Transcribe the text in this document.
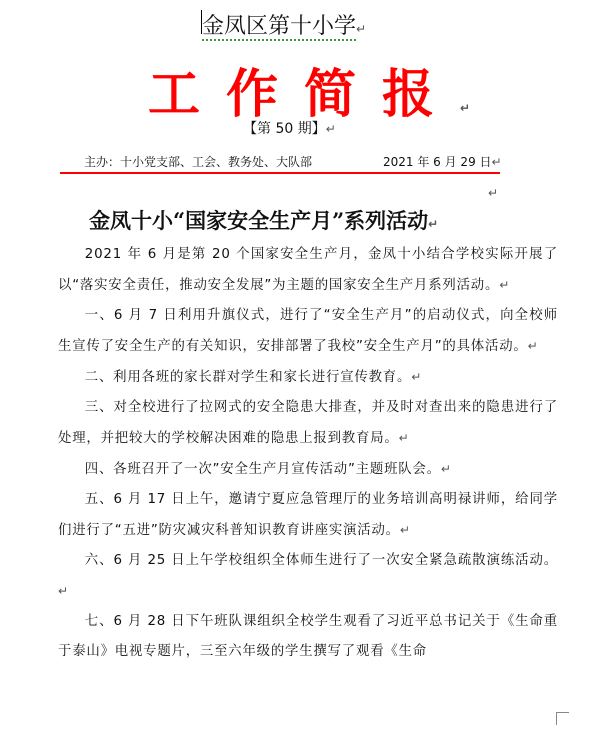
金凤区第十小学↵
工作简报↵
【第 50 期】↵
主办：十小党支部、工会、教务处、大队部	2021 年 6 月 29 日↵
↵
金凤十小“国家安全生产月”系列活动↵

2021 年 6 月是第 20 个国家安全生产月，金凤十小结合学校实际开展了以“落实安全责任，推动安全发展”为主题的国家安全生产月系列活动。↵

一、6 月 7 日利用升旗仪式，进行了“安全生产月”的启动仪式，向全校师生宣传了安全生产的有关知识，安排部署了我校”安全生产月”的具体活动。↵

二、利用各班的家长群对学生和家长进行宣传教育。↵

三、对全校进行了拉网式的安全隐患大排查，并及时对查出来的隐患进行了处理，并把较大的学校解决困难的隐患上报到教育局。↵

四、各班召开了一次”安全生产月宣传活动”主题班队会。↵

五、6 月 17 日上午，邀请宁夏应急管理厅的业务培训高明禄讲师，给同学们进行了“五进”防灾减灾科普知识教育讲座实演活动。↵

六、6 月 25 日上午学校组织全体师生进行了一次安全紧急疏散演练活动。↵

七、6 月 28 日下午班队课组织全校学生观看了习近平总书记关于《生命重于泰山》电视专题片，三至六年级的学生撰写了观看《生命
